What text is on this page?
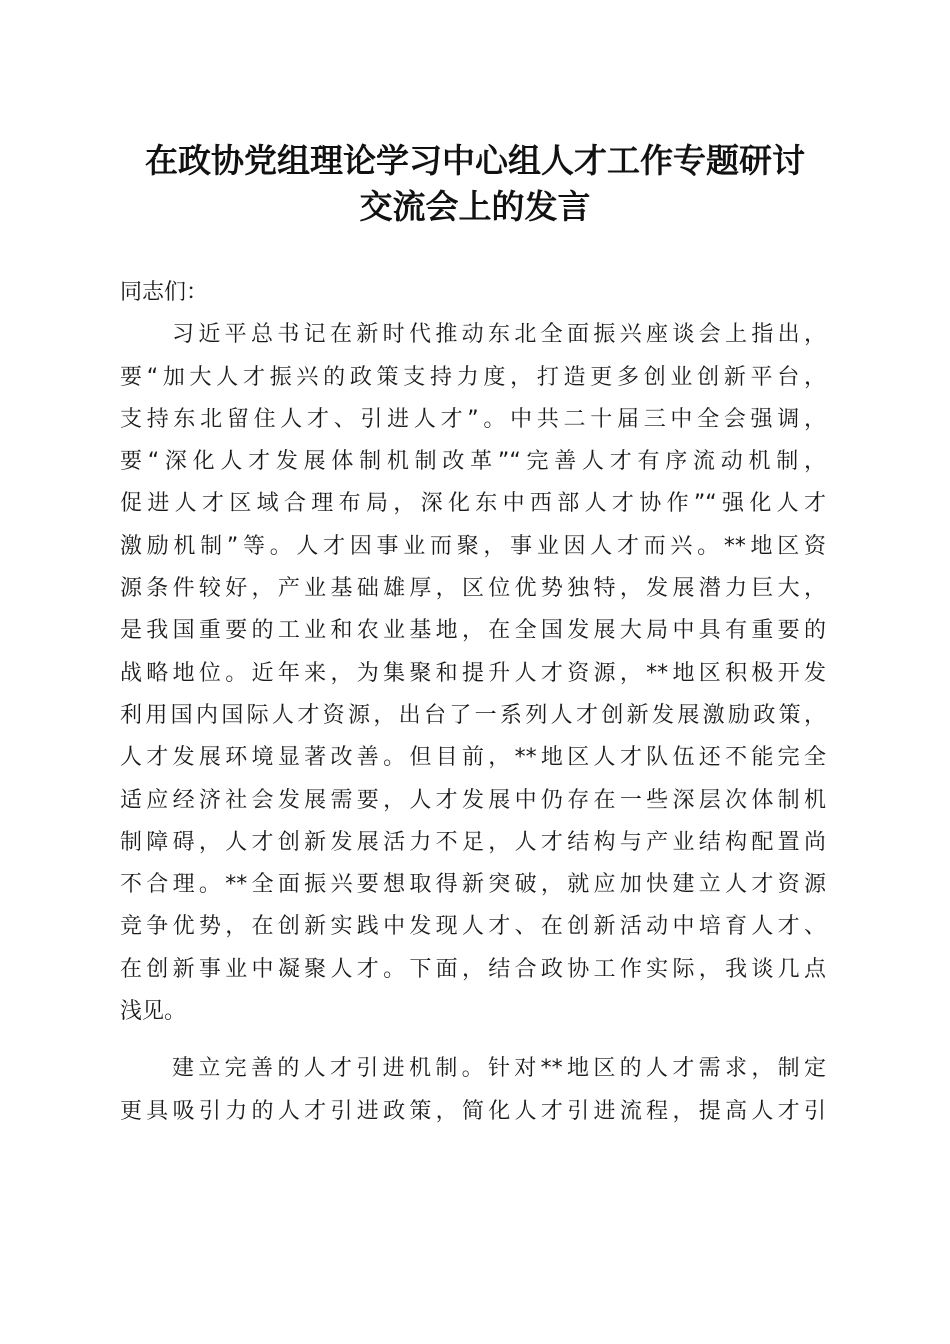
在政协党组理论学习中心组人才工作专题研讨
交流会上的发言
同志们：
习近平总书记在新时代推动东北全面振兴座谈会上指出，
要“加大人才振兴的政策支持力度，打造更多创业创新平台，
支持东北留住人才、引进人才”。中共二十届三中全会强调，
要“深化人才发展体制机制改革”“完善人才有序流动机制，
促进人才区域合理布局，深化东中西部人才协作”“强化人才
激励机制”等。人才因事业而聚，事业因人才而兴。**地区资
源条件较好，产业基础雄厚，区位优势独特，发展潜力巨大，
是我国重要的工业和农业基地，在全国发展大局中具有重要的
战略地位。近年来，为集聚和提升人才资源，**地区积极开发
利用国内国际人才资源，出台了一系列人才创新发展激励政策，
人才发展环境显著改善。但目前，**地区人才队伍还不能完全
适应经济社会发展需要，人才发展中仍存在一些深层次体制机
制障碍，人才创新发展活力不足，人才结构与产业结构配置尚
不合理。**全面振兴要想取得新突破，就应加快建立人才资源
竞争优势，在创新实践中发现人才、在创新活动中培育人才、
在创新事业中凝聚人才。下面，结合政协工作实际，我谈几点
浅见。
建立完善的人才引进机制。针对**地区的人才需求，制定
更具吸引力的人才引进政策，简化人才引进流程，提高人才引
